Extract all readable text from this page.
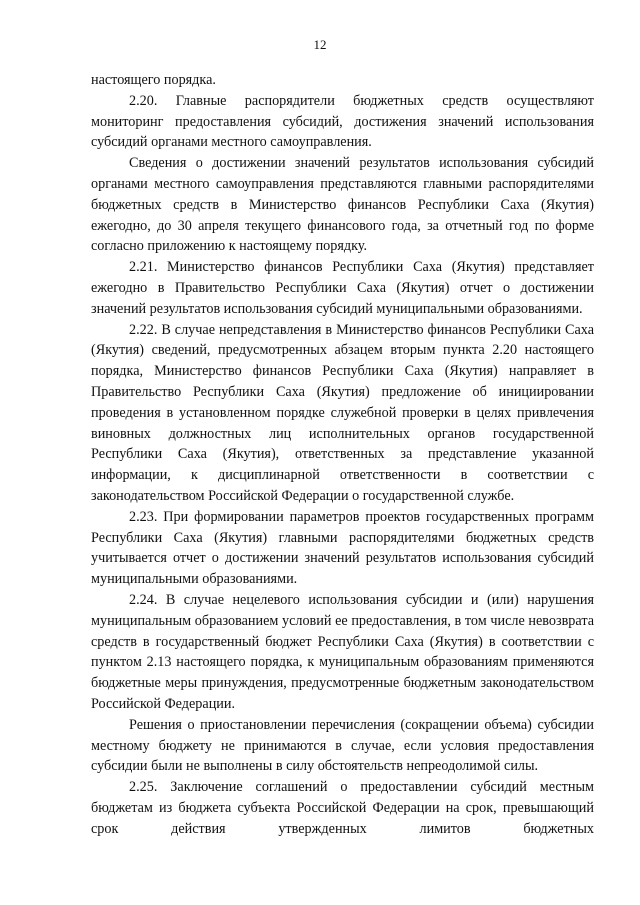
12

настоящего порядка.

2.20. Главные распорядители бюджетных средств осуществляют мониторинг предоставления субсидий, достижения значений использования субсидий органами местного самоуправления.

Сведения о достижении значений результатов использования субсидий органами местного самоуправления представляются главными распорядителями бюджетных средств в Министерство финансов Республики Саха (Якутия) ежегодно, до 30 апреля текущего финансового года, за отчетный год по форме согласно приложению к настоящему порядку.

2.21. Министерство финансов Республики Саха (Якутия) представляет ежегодно в Правительство Республики Саха (Якутия) отчет о достижении значений результатов использования субсидий муниципальными образованиями.

2.22. В случае непредставления в Министерство финансов Республики Саха (Якутия) сведений, предусмотренных абзацем вторым пункта 2.20 настоящего порядка, Министерство финансов Республики Саха (Якутия) направляет в Правительство Республики Саха (Якутия) предложение об инициировании проведения в установленном порядке служебной проверки в целях привлечения виновных должностных лиц исполнительных органов государственной Республики Саха (Якутия), ответственных за представление указанной информации, к дисциплинарной ответственности в соответствии с законодательством Российской Федерации о государственной службе.

2.23. При формировании параметров проектов государственных программ Республики Саха (Якутия) главными распорядителями бюджетных средств учитывается отчет о достижении значений результатов использования субсидий муниципальными образованиями.

2.24. В случае нецелевого использования субсидии и (или) нарушения муниципальным образованием условий ее предоставления, в том числе невозврата средств в государственный бюджет Республики Саха (Якутия) в соответствии с пунктом 2.13 настоящего порядка, к муниципальным образованиям применяются бюджетные меры принуждения, предусмотренные бюджетным законодательством Российской Федерации.

Решения о приостановлении перечисления (сокращении объема) субсидии местному бюджету не принимаются в случае, если условия предоставления субсидии были не выполнены в силу обстоятельств непреодолимой силы.

2.25. Заключение соглашений о предоставлении субсидий местным бюджетам из бюджета субъекта Российской Федерации на срок, превышающий срок действия утвержденных лимитов бюджетных
